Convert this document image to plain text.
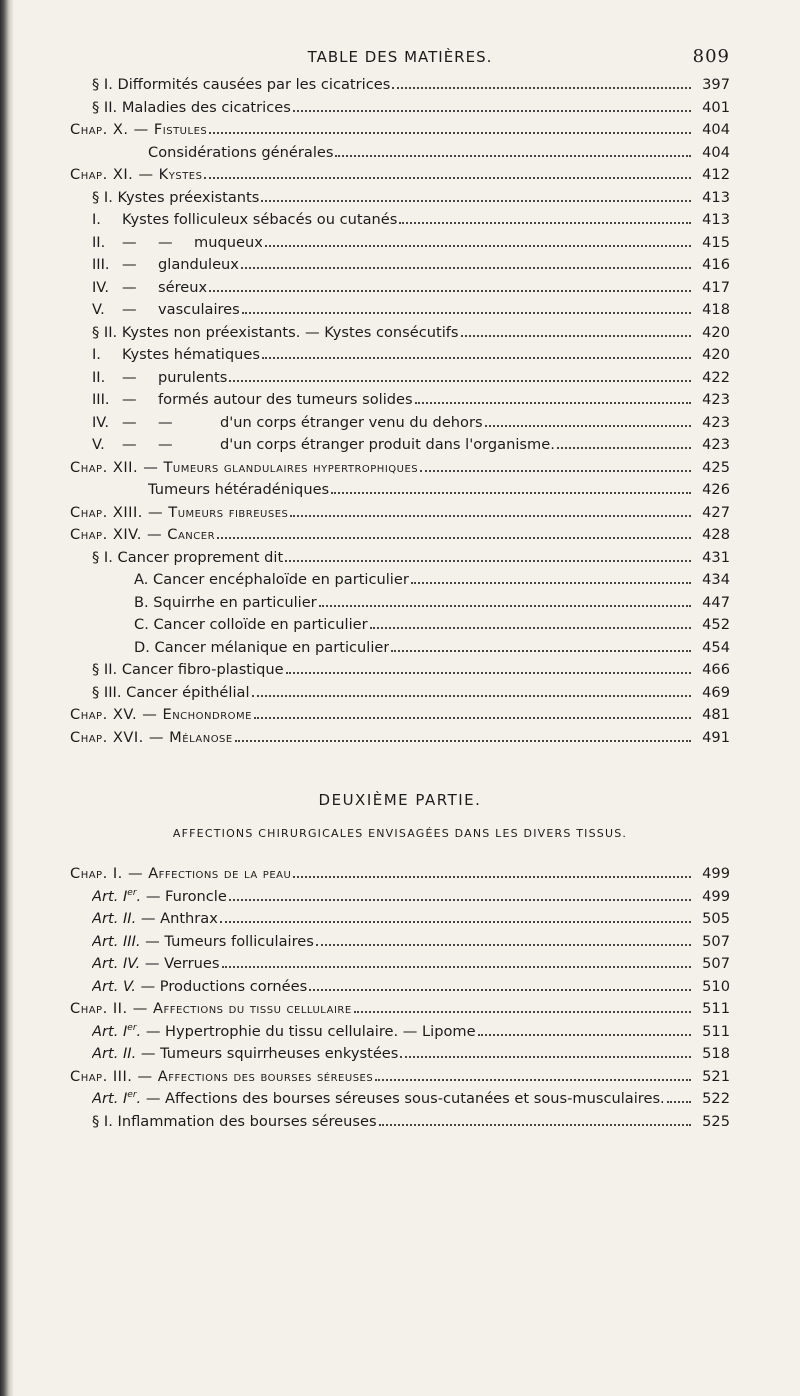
TABLE DES MATIÈRES.	809
§ I. Difformités causées par les cicatrices	397
§ II. Maladies des cicatrices	401
Chap. X. — Fistules	404
Considérations générales	404
Chap. XI. — Kystes	412
§ I. Kystes préexistants	413
I. Kystes folliculeux sébacés ou cutanés	413
II. — — muqueux	415
III. — glanduleux	416
IV. — séreux	417
V. — vasculaires	418
§ II. Kystes non préexistants. — Kystes consécutifs	420
I. Kystes hématiques	420
II. — purulents	422
III. — formés autour des tumeurs solides	423
IV. — —	d'un corps étranger venu du dehors	423
V. — —	d'un corps étranger produit dans l'organisme.	423
Chap. XII. — Tumeurs glandulaires hypertrophiques	425
Tumeurs hétéradéniques	426
Chap. XIII. — Tumeurs fibreuses	427
Chap. XIV. — Cancer	428
§ I. Cancer proprement dit	431
A. Cancer encéphaloïde en particulier	434
B. Squirrhe en particulier	447
C. Cancer colloïde en particulier	452
D. Cancer mélanique en particulier	454
§ II. Cancer fibro-plastique	466
§ III. Cancer épithélial	469
Chap. XV. — Enchondrome	481
Chap. XVI. — Mélanose	491
DEUXIÈME PARTIE.
AFFECTIONS CHIRURGICALES ENVISAGÉES DANS LES DIVERS TISSUS.
Chap. I. — Affections de la peau	499
Art. Ier. — Furoncle	499
Art. II. — Anthrax	505
Art. III. — Tumeurs folliculaires	507
Art. IV. — Verrues	507
Art. V. — Productions cornées	510
Chap. II. — Affections du tissu cellulaire	511
Art. Ier. — Hypertrophie du tissu cellulaire. — Lipome	511
Art. II. — Tumeurs squirrheuses enkystées	518
Chap. III. — Affections des bourses séreuses	521
Art. Ier. — Affections des bourses séreuses sous-cutanées et sous-musculaires.	522
§ I. Inflammation des bourses séreuses	525
